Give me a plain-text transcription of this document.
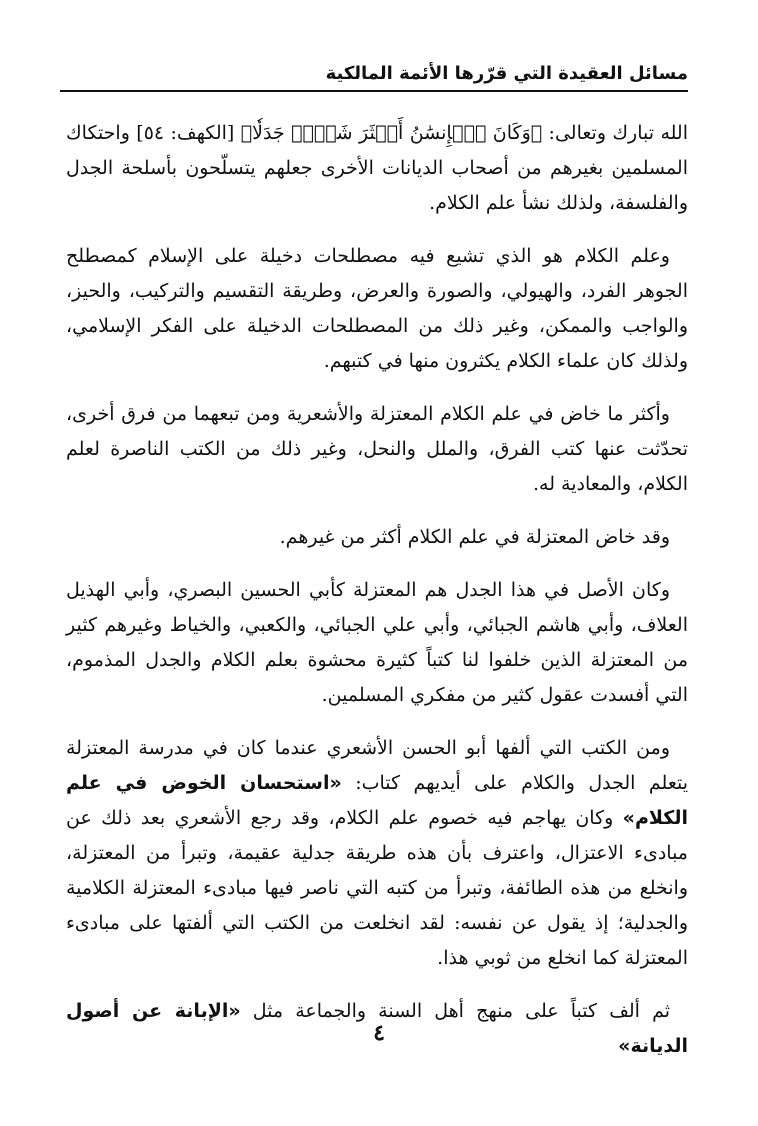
مسائل العقيدة التي قرّرها الأئمة المالكية

الله تبارك وتعالى: ﴿وَكَانَ ٱلۡإِنسَٰنُ أَكۡثَرَ شَيۡءٖ جَدَلٗا﴾ [الكهف: ٥٤] واحتكاك المسلمين بغيرهم من أصحاب الديانات الأخرى جعلهم يتسلّحون بأسلحة الجدل والفلسفة، ولذلك نشأ علم الكلام.

وعلم الكلام هو الذي تشيع فيه مصطلحات دخيلة على الإسلام كمصطلح الجوهر الفرد، والهيولي، والصورة والعرض، وطريقة التقسيم والتركيب، والحيز، والواجب والممكن، وغير ذلك من المصطلحات الدخيلة على الفكر الإسلامي، ولذلك كان علماء الكلام يكثرون منها في كتبهم.

وأكثر ما خاض في علم الكلام المعتزلة والأشعرية ومن تبعهما من فرق أخرى، تحدّثت عنها كتب الفرق، والملل والنحل، وغير ذلك من الكتب الناصرة لعلم الكلام، والمعادية له.

وقد خاض المعتزلة في علم الكلام أكثر من غيرهم.

وكان الأصل في هذا الجدل هم المعتزلة كأبي الحسين البصري، وأبي الهذيل العلاف، وأبي هاشم الجبائي، وأبي علي الجبائي، والكعبي، والخياط وغيرهم كثير من المعتزلة الذين خلفوا لنا كتباً كثيرة محشوة بعلم الكلام والجدل المذموم، التي أفسدت عقول كثير من مفكري المسلمين.

ومن الكتب التي ألفها أبو الحسن الأشعري عندما كان في مدرسة المعتزلة يتعلم الجدل والكلام على أيديهم كتاب: «استحسان الخوض في علم الكلام» وكان يهاجم فيه خصوم علم الكلام، وقد رجع الأشعري بعد ذلك عن مبادىء الاعتزال، واعترف بأن هذه طريقة جدلية عقيمة، وتبرأ من المعتزلة، وانخلع من هذه الطائفة، وتبرأ من كتبه التي ناصر فيها مبادىء المعتزلة الكلامية والجدلية؛ إذ يقول عن نفسه: لقد انخلعت من الكتب التي ألفتها على مبادىء المعتزلة كما انخلع من ثوبي هذا.

ثم ألف كتباً على منهج أهل السنة والجماعة مثل «الإبانة عن أصول الديانة»

٤
